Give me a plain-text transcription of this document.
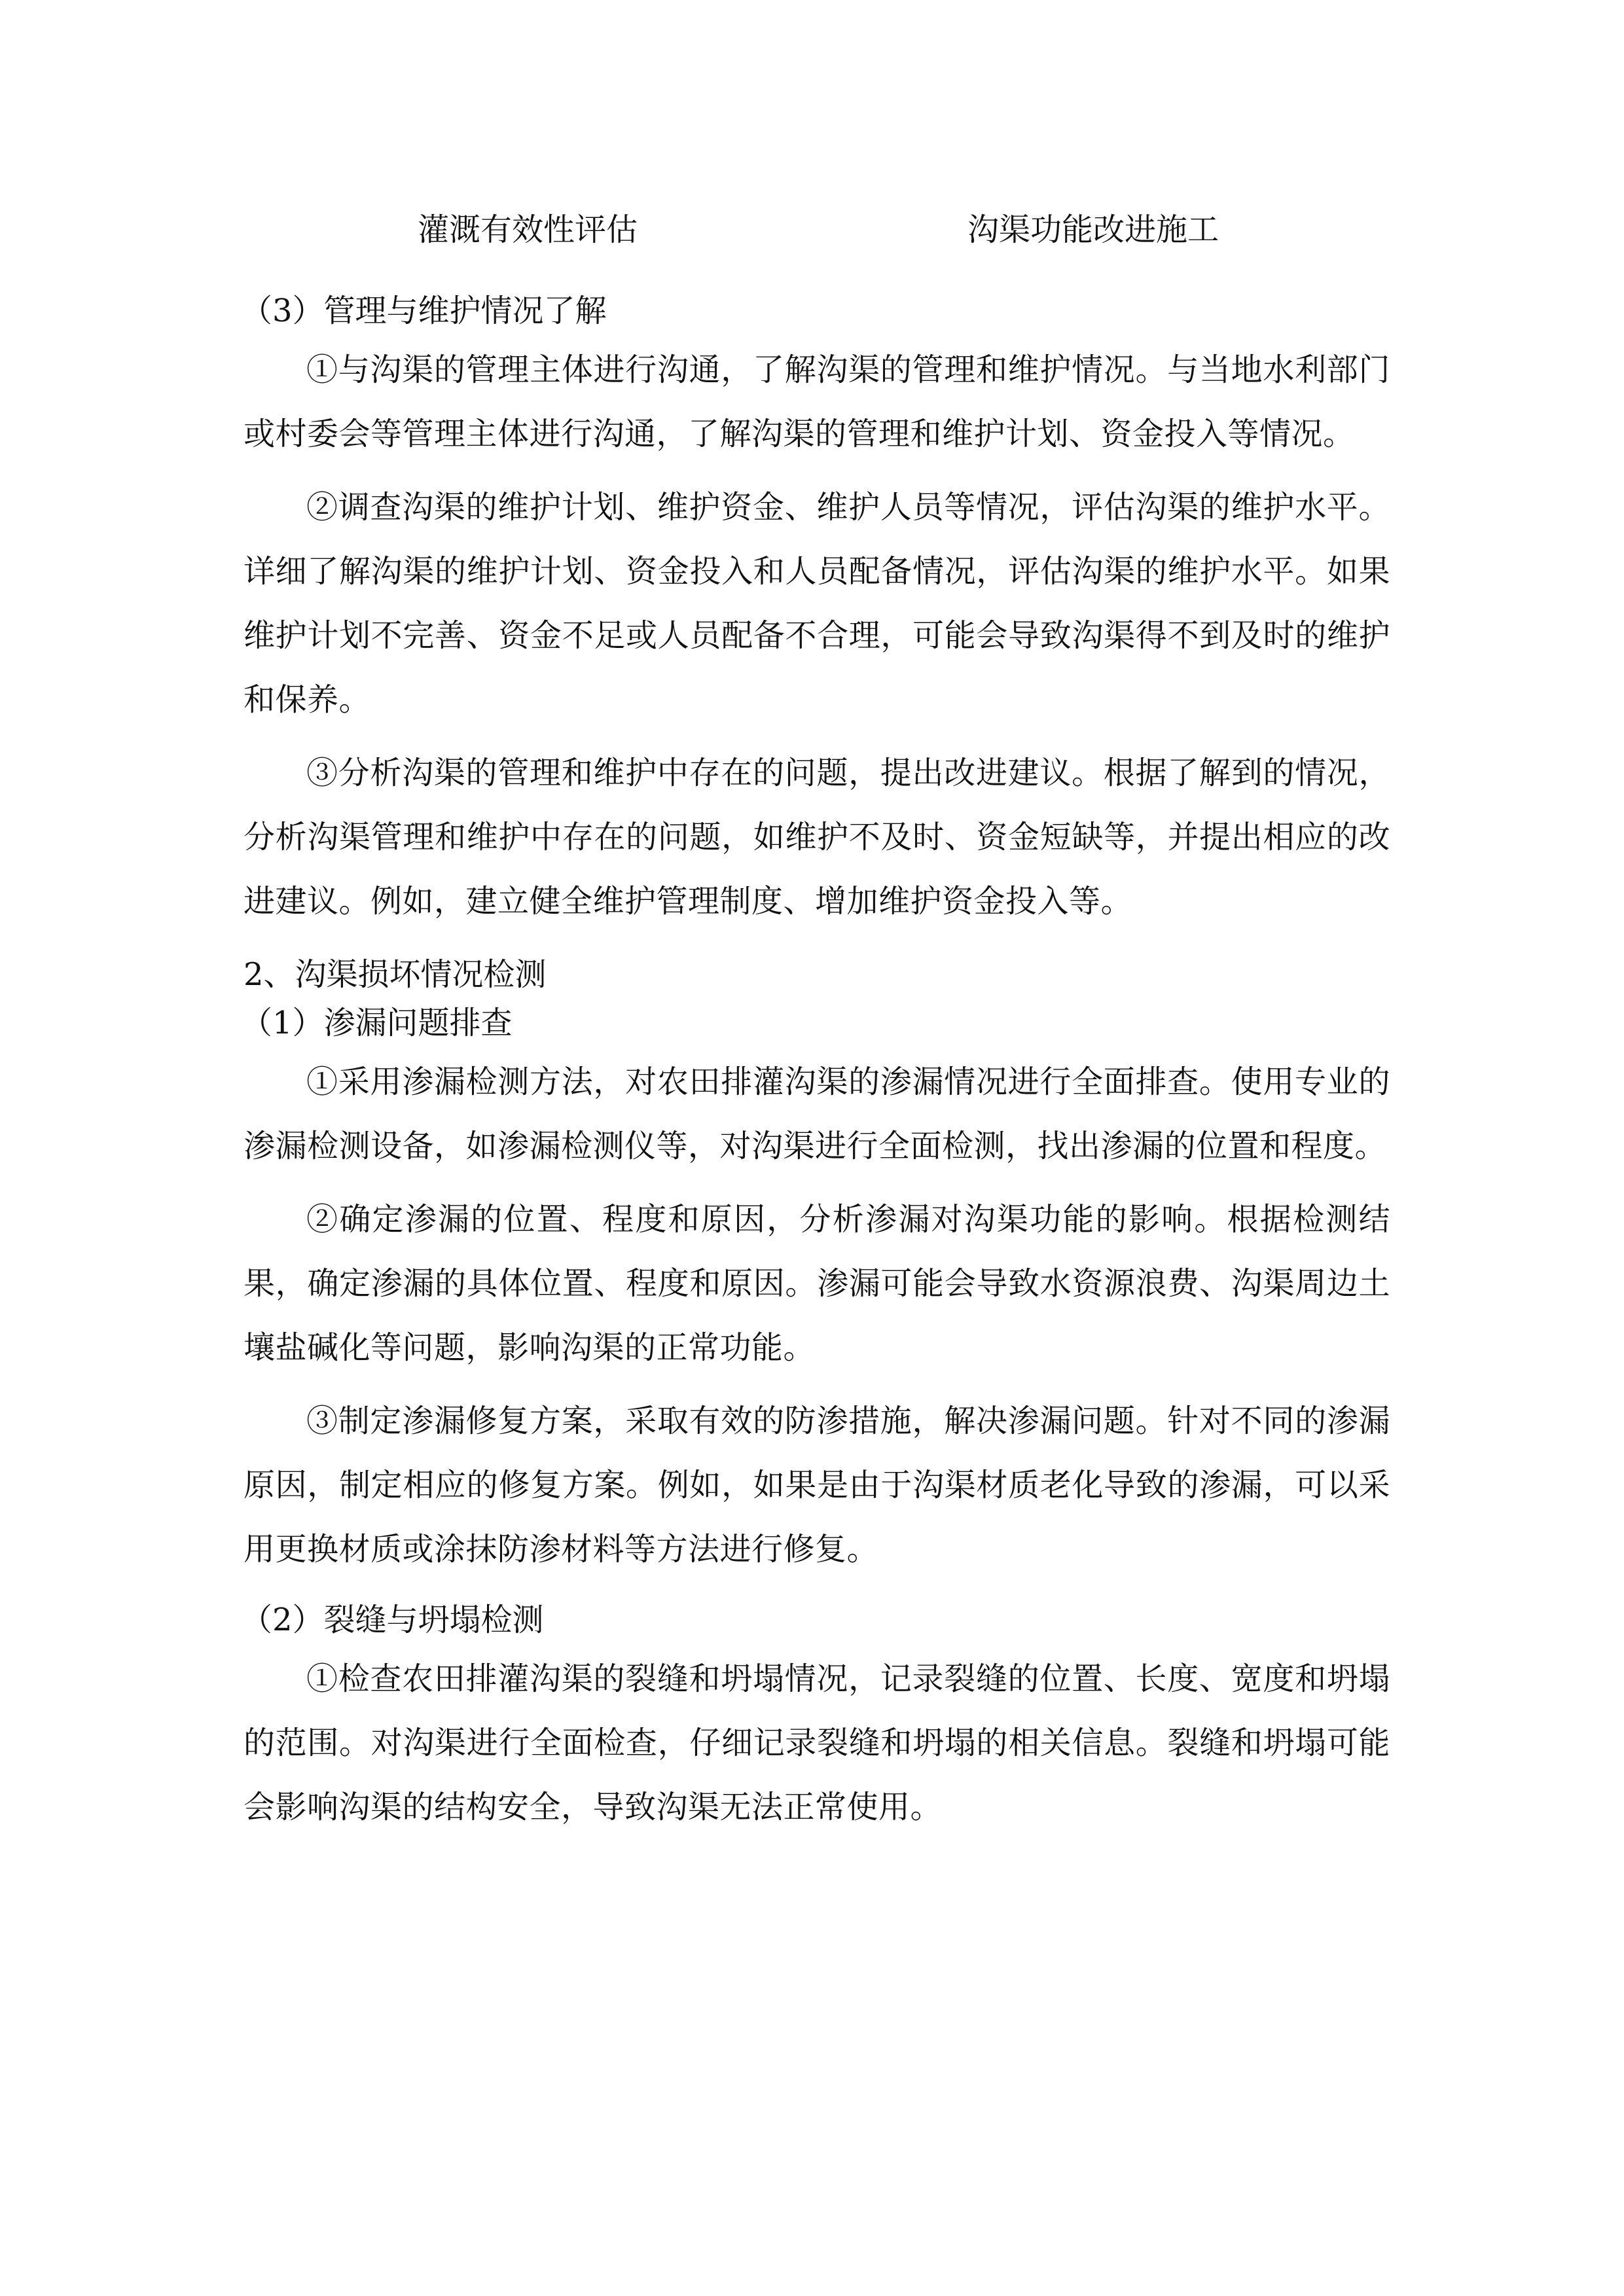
灌溉有效性评估	沟渠功能改进施工
（3）管理与维护情况了解

①与沟渠的管理主体进行沟通，了解沟渠的管理和维护情况。与当地水利部门或村委会等管理主体进行沟通，了解沟渠的管理和维护计划、资金投入等情况。

②调查沟渠的维护计划、维护资金、维护人员等情况，评估沟渠的维护水平。详细了解沟渠的维护计划、资金投入和人员配备情况，评估沟渠的维护水平。如果维护计划不完善、资金不足或人员配备不合理，可能会导致沟渠得不到及时的维护和保养。

③分析沟渠的管理和维护中存在的问题，提出改进建议。根据了解到的情况，分析沟渠管理和维护中存在的问题，如维护不及时、资金短缺等，并提出相应的改进建议。例如，建立健全维护管理制度、增加维护资金投入等。

2、沟渠损坏情况检测
（1）渗漏问题排查

①采用渗漏检测方法，对农田排灌沟渠的渗漏情况进行全面排查。使用专业的渗漏检测设备，如渗漏检测仪等，对沟渠进行全面检测，找出渗漏的位置和程度。

②确定渗漏的位置、程度和原因，分析渗漏对沟渠功能的影响。根据检测结果，确定渗漏的具体位置、程度和原因。渗漏可能会导致水资源浪费、沟渠周边土壤盐碱化等问题，影响沟渠的正常功能。

③制定渗漏修复方案，采取有效的防渗措施，解决渗漏问题。针对不同的渗漏原因，制定相应的修复方案。例如，如果是由于沟渠材质老化导致的渗漏，可以采用更换材质或涂抹防渗材料等方法进行修复。

（2）裂缝与坍塌检测

①检查农田排灌沟渠的裂缝和坍塌情况，记录裂缝的位置、长度、宽度和坍塌的范围。对沟渠进行全面检查，仔细记录裂缝和坍塌的相关信息。裂缝和坍塌可能会影响沟渠的结构安全，导致沟渠无法正常使用。
